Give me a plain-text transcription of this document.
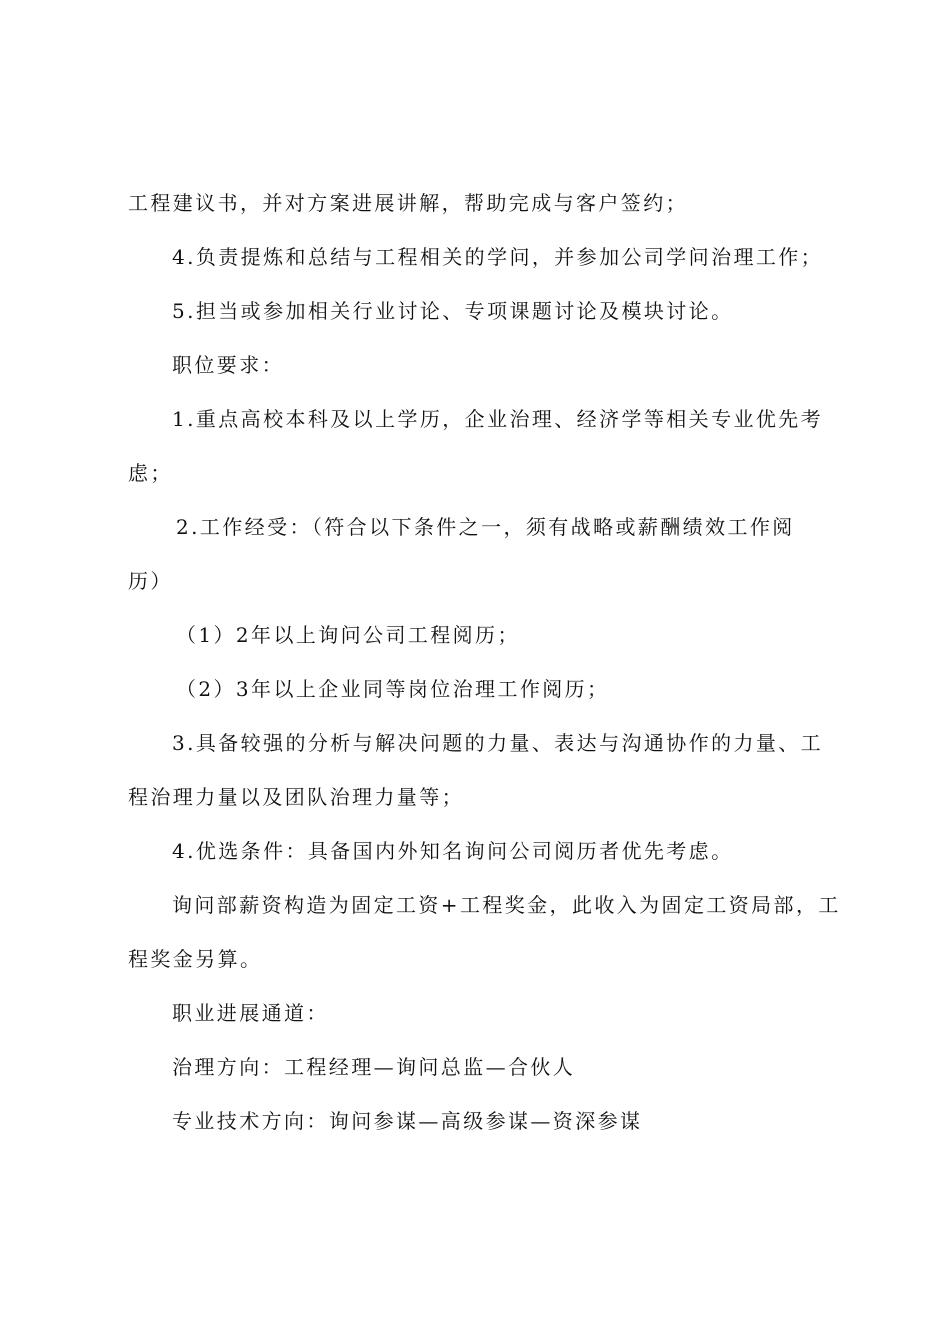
工程建议书，并对方案进展讲解，帮助完成与客户签约；
4.负责提炼和总结与工程相关的学问，并参加公司学问治理工作；
5.担当或参加相关行业讨论、专项课题讨论及模块讨论。
职位要求：
1.重点高校本科及以上学历，企业治理、经济学等相关专业优先考
虑；
2.工作经受：（符合以下条件之一，须有战略或薪酬绩效工作阅
历）
（1）2年以上询问公司工程阅历；
（2）3年以上企业同等岗位治理工作阅历；
3.具备较强的分析与解决问题的力量、表达与沟通协作的力量、工
程治理力量以及团队治理力量等；
4.优选条件：具备国内外知名询问公司阅历者优先考虑。
询问部薪资构造为固定工资+工程奖金，此收入为固定工资局部，工
程奖金另算。
职业进展通道：
治理方向：工程经理—询问总监—合伙人
专业技术方向：询问参谋—高级参谋—资深参谋
